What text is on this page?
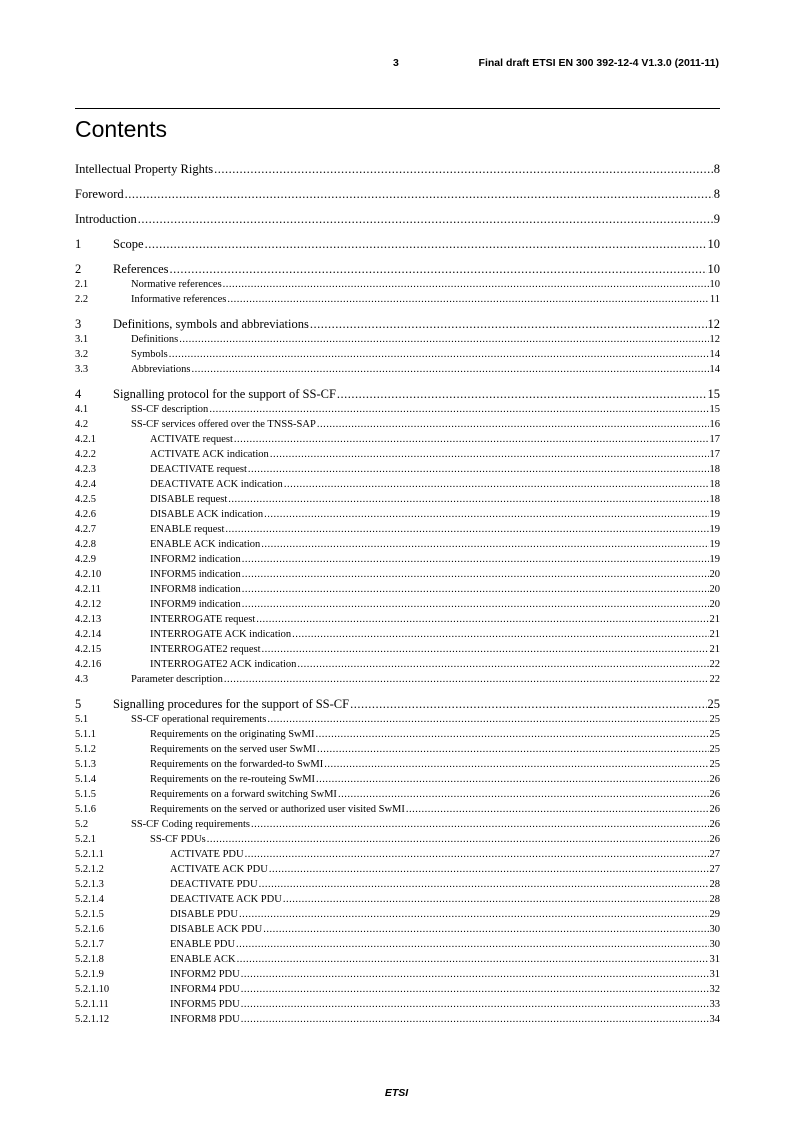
3	Final draft ETSI EN 300 392-12-4 V1.3.0 (2011-11)
Contents
Intellectual Property Rights .....	8
Foreword .....	8
Introduction .....	9
1	Scope .....	10
2	References .....	10
2.1	Normative references .....	10
2.2	Informative references .....	11
3	Definitions, symbols and abbreviations .....	12
3.1	Definitions .....	12
3.2	Symbols .....	14
3.3	Abbreviations .....	14
4	Signalling protocol for the support of SS-CF .....	15
4.1	SS-CF description .....	15
4.2	SS-CF services offered over the TNSS-SAP .....	16
4.2.1	ACTIVATE request .....	17
4.2.2	ACTIVATE ACK indication .....	17
4.2.3	DEACTIVATE request .....	18
4.2.4	DEACTIVATE ACK indication .....	18
4.2.5	DISABLE request .....	18
4.2.6	DISABLE ACK indication .....	19
4.2.7	ENABLE request .....	19
4.2.8	ENABLE ACK indication .....	19
4.2.9	INFORM2 indication .....	19
4.2.10	INFORM5 indication .....	20
4.2.11	INFORM8 indication .....	20
4.2.12	INFORM9 indication .....	20
4.2.13	INTERROGATE request .....	21
4.2.14	INTERROGATE ACK indication .....	21
4.2.15	INTERROGATE2 request .....	21
4.2.16	INTERROGATE2 ACK indication .....	22
4.3	Parameter description .....	22
5	Signalling procedures for the support of SS-CF .....	25
5.1	SS-CF operational requirements .....	25
5.1.1	Requirements on the originating SwMI .....	25
5.1.2	Requirements on the served user SwMI .....	25
5.1.3	Requirements on the forwarded-to SwMI .....	25
5.1.4	Requirements on the re-routeing SwMI .....	26
5.1.5	Requirements on a forward switching SwMI .....	26
5.1.6	Requirements on the served or authorized user visited SwMI .....	26
5.2	SS-CF Coding requirements .....	26
5.2.1	SS-CF PDUs .....	26
5.2.1.1	ACTIVATE PDU .....	27
5.2.1.2	ACTIVATE ACK PDU .....	27
5.2.1.3	DEACTIVATE PDU .....	28
5.2.1.4	DEACTIVATE ACK PDU .....	28
5.2.1.5	DISABLE PDU .....	29
5.2.1.6	DISABLE ACK PDU .....	30
5.2.1.7	ENABLE PDU .....	30
5.2.1.8	ENABLE ACK .....	31
5.2.1.9	INFORM2 PDU .....	31
5.2.1.10	INFORM4 PDU .....	32
5.2.1.11	INFORM5 PDU .....	33
5.2.1.12	INFORM8 PDU .....	34
ETSI
